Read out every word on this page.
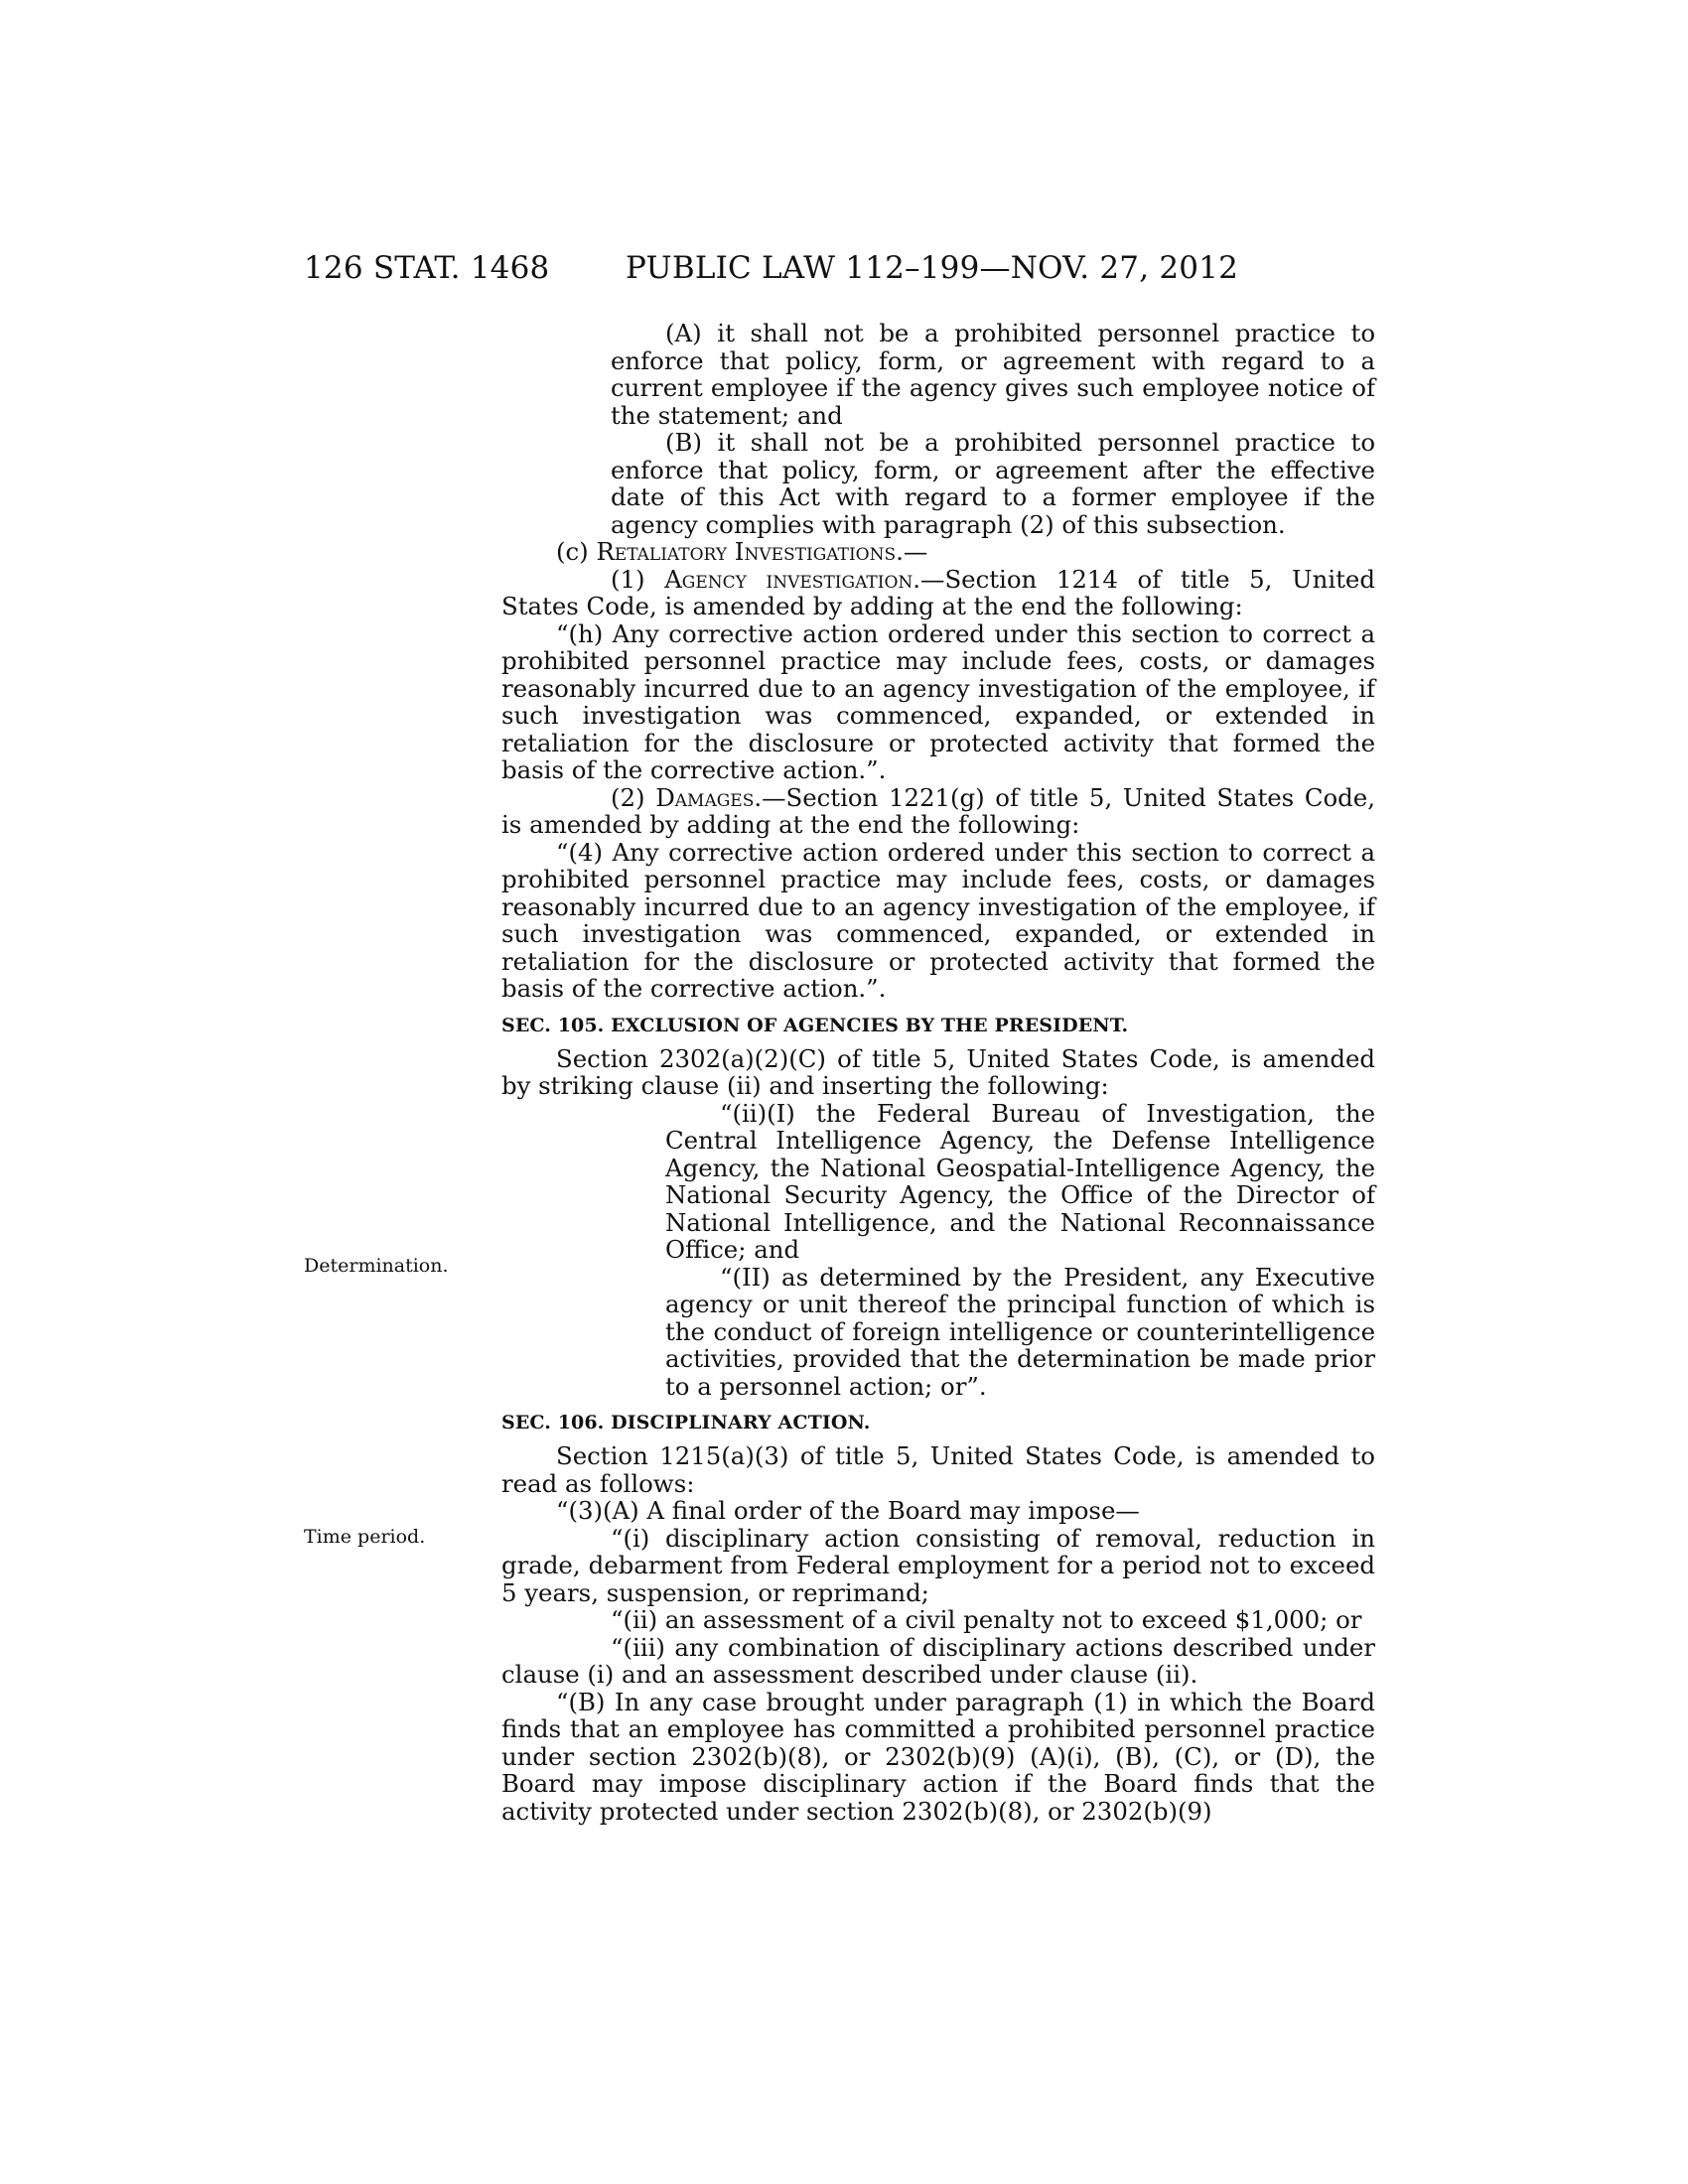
126 STAT. 1468 PUBLIC LAW 112–199—NOV. 27, 2012
Determination.
Time period.

(A) it shall not be a prohibited personnel practice to enforce that policy, form, or agreement with regard to a current employee if the agency gives such employee notice of the statement; and

(B) it shall not be a prohibited personnel practice to enforce that policy, form, or agreement after the effective date of this Act with regard to a former employee if the agency complies with paragraph (2) of this subsection.

(c) Retaliatory Investigations.—

(1) Agency investigation.—Section 1214 of title 5, United States Code, is amended by adding at the end the following:

“(h) Any corrective action ordered under this section to correct a prohibited personnel practice may include fees, costs, or damages reasonably incurred due to an agency investigation of the employee, if such investigation was commenced, expanded, or extended in retaliation for the disclosure or protected activity that formed the basis of the corrective action.”.

(2) Damages.—Section 1221(g) of title 5, United States Code, is amended by adding at the end the following:

“(4) Any corrective action ordered under this section to correct a prohibited personnel practice may include fees, costs, or damages reasonably incurred due to an agency investigation of the employee, if such investigation was commenced, expanded, or extended in retaliation for the disclosure or protected activity that formed the basis of the corrective action.”.

SEC. 105. EXCLUSION OF AGENCIES BY THE PRESIDENT.

Section 2302(a)(2)(C) of title 5, United States Code, is amended by striking clause (ii) and inserting the following:

“(ii)(I) the Federal Bureau of Investigation, the Central Intelligence Agency, the Defense Intelligence Agency, the National Geospatial-Intelligence Agency, the National Security Agency, the Office of the Director of National Intelligence, and the National Reconnaissance Office; and

“(II) as determined by the President, any Executive agency or unit thereof the principal function of which is the conduct of foreign intelligence or counterintelligence activities, provided that the determination be made prior to a personnel action; or”.

SEC. 106. DISCIPLINARY ACTION.

Section 1215(a)(3) of title 5, United States Code, is amended to read as follows:

“(3)(A) A final order of the Board may impose—

“(i) disciplinary action consisting of removal, reduction in grade, debarment from Federal employment for a period not to exceed 5 years, suspension, or reprimand;

“(ii) an assessment of a civil penalty not to exceed $1,000; or

“(iii) any combination of disciplinary actions described under clause (i) and an assessment described under clause (ii).

“(B) In any case brought under paragraph (1) in which the Board finds that an employee has committed a prohibited personnel practice under section 2302(b)(8), or 2302(b)(9) (A)(i), (B), (C), or (D), the Board may impose disciplinary action if the Board finds that the activity protected under section 2302(b)(8), or 2302(b)(9)
